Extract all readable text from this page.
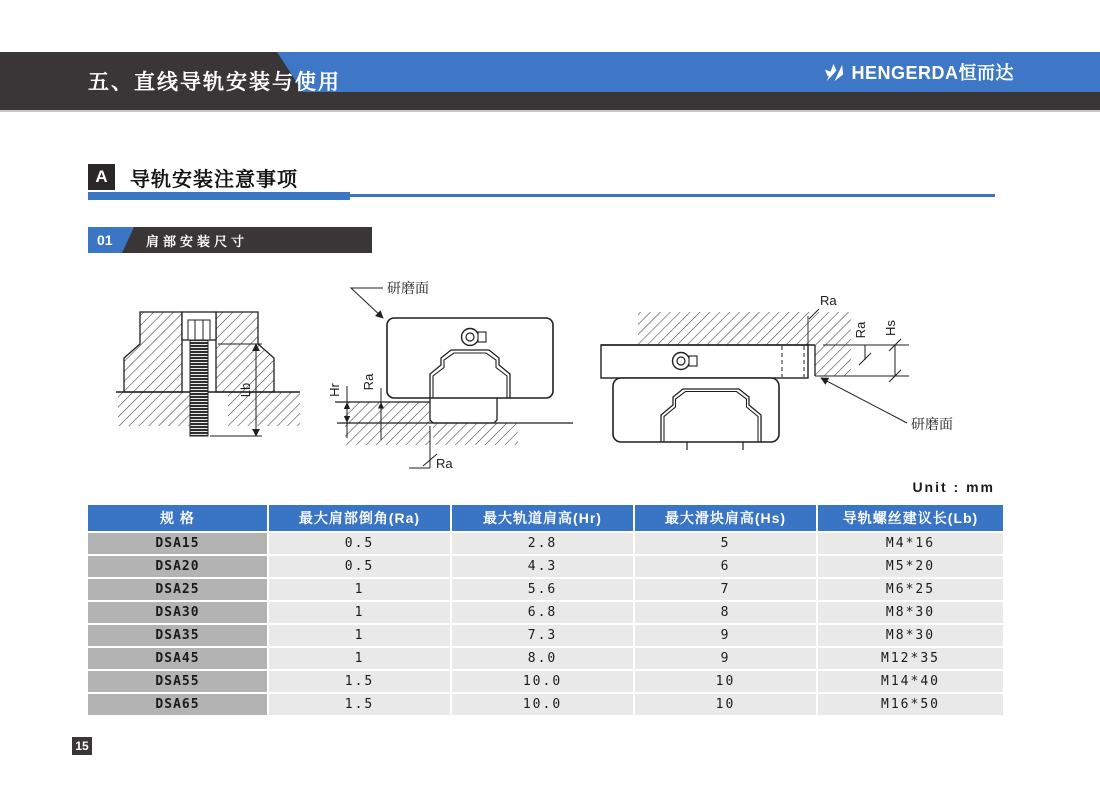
五、直线导轨安装与使用	HENGERDA恒而达
A	导轨安装注意事项
01	肩部安装尺寸
Lb
研磨面
Hr Ra
Ra
Ra
Ra Hs
研磨面
Unit : mm
规 格	最大肩部倒角(Ra)	最大轨道肩高(Hr)	最大滑块肩高(Hs)	导轨螺丝建议长(Lb)
DSA15	0.5	2.8	5	M4*16
DSA20	0.5	4.3	6	M5*20
DSA25	1	5.6	7	M6*25
DSA30	1	6.8	8	M8*30
DSA35	1	7.3	9	M8*30
DSA45	1	8.0	9	M12*35
DSA55	1.5	10.0	10	M14*40
DSA65	1.5	10.0	10	M16*50
15
